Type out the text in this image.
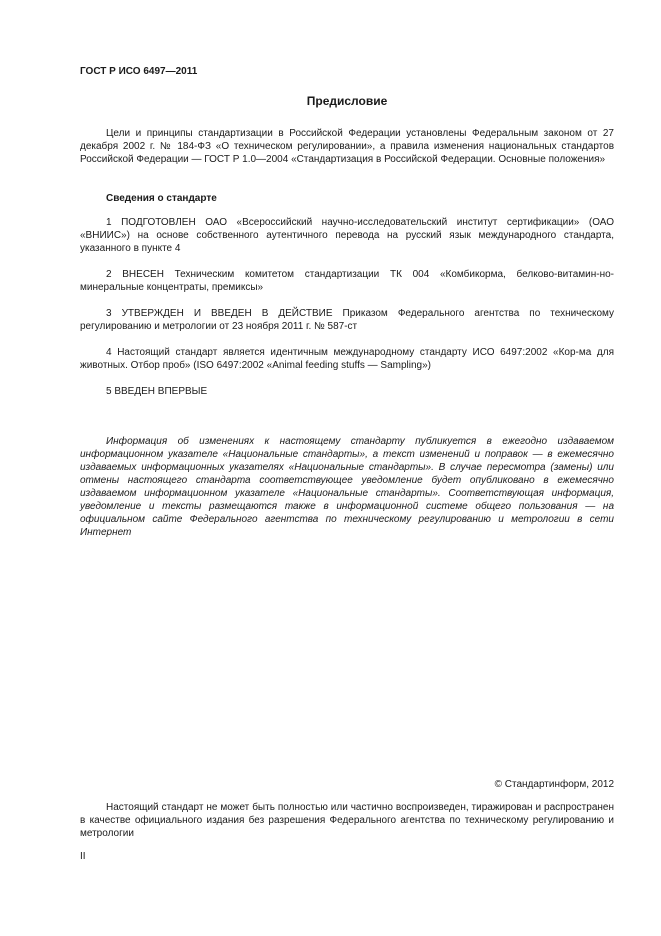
ГОСТ Р ИСО 6497—2011
Предисловие
Цели и принципы стандартизации в Российской Федерации установлены Федеральным законом от 27 декабря 2002 г. № 184-ФЗ «О техническом регулировании», а правила изменения национальных стандартов Российской Федерации — ГОСТ Р 1.0—2004 «Стандартизация в Российской Федерации. Основные положения»
Сведения о стандарте
1 ПОДГОТОВЛЕН ОАО «Всероссийский научно-исследовательский институт сертификации» (ОАО «ВНИИС») на основе собственного аутентичного перевода на русский язык международного стандарта, указанного в пункте 4
2 ВНЕСЕН Техническим комитетом стандартизации ТК 004 «Комбикорма, белково-витамин-но-минеральные концентраты, премиксы»
3 УТВЕРЖДЕН И ВВЕДЕН В ДЕЙСТВИЕ Приказом Федерального агентства по техническому регулированию и метрологии от 23 ноября 2011 г. № 587-ст
4 Настоящий стандарт является идентичным международному стандарту ИСО 6497:2002 «Кор-ма для животных. Отбор проб» (ISO 6497:2002 «Animal feeding stuffs — Sampling»)
5 ВВЕДЕН ВПЕРВЫЕ
Информация об изменениях к настоящему стандарту публикуется в ежегодно издаваемом информационном указателе «Национальные стандарты», а текст изменений и поправок — в ежемесячно издаваемых информационных указателях «Национальные стандарты». В случае пересмотра (замены) или отмены настоящего стандарта соответствующее уведомление будет опубликовано в ежемесячно издаваемом информационном указателе «Национальные стандарты». Соответствующая информация, уведомление и тексты размещаются также в информационной системе общего пользования — на официальном сайте Федерального агентства по техническому регулированию и метрологии в сети Интернет
© Стандартинформ, 2012
Настоящий стандарт не может быть полностью или частично воспроизведен, тиражирован и распространен в качестве официального издания без разрешения Федерального агентства по техническому регулированию и метрологии
II
